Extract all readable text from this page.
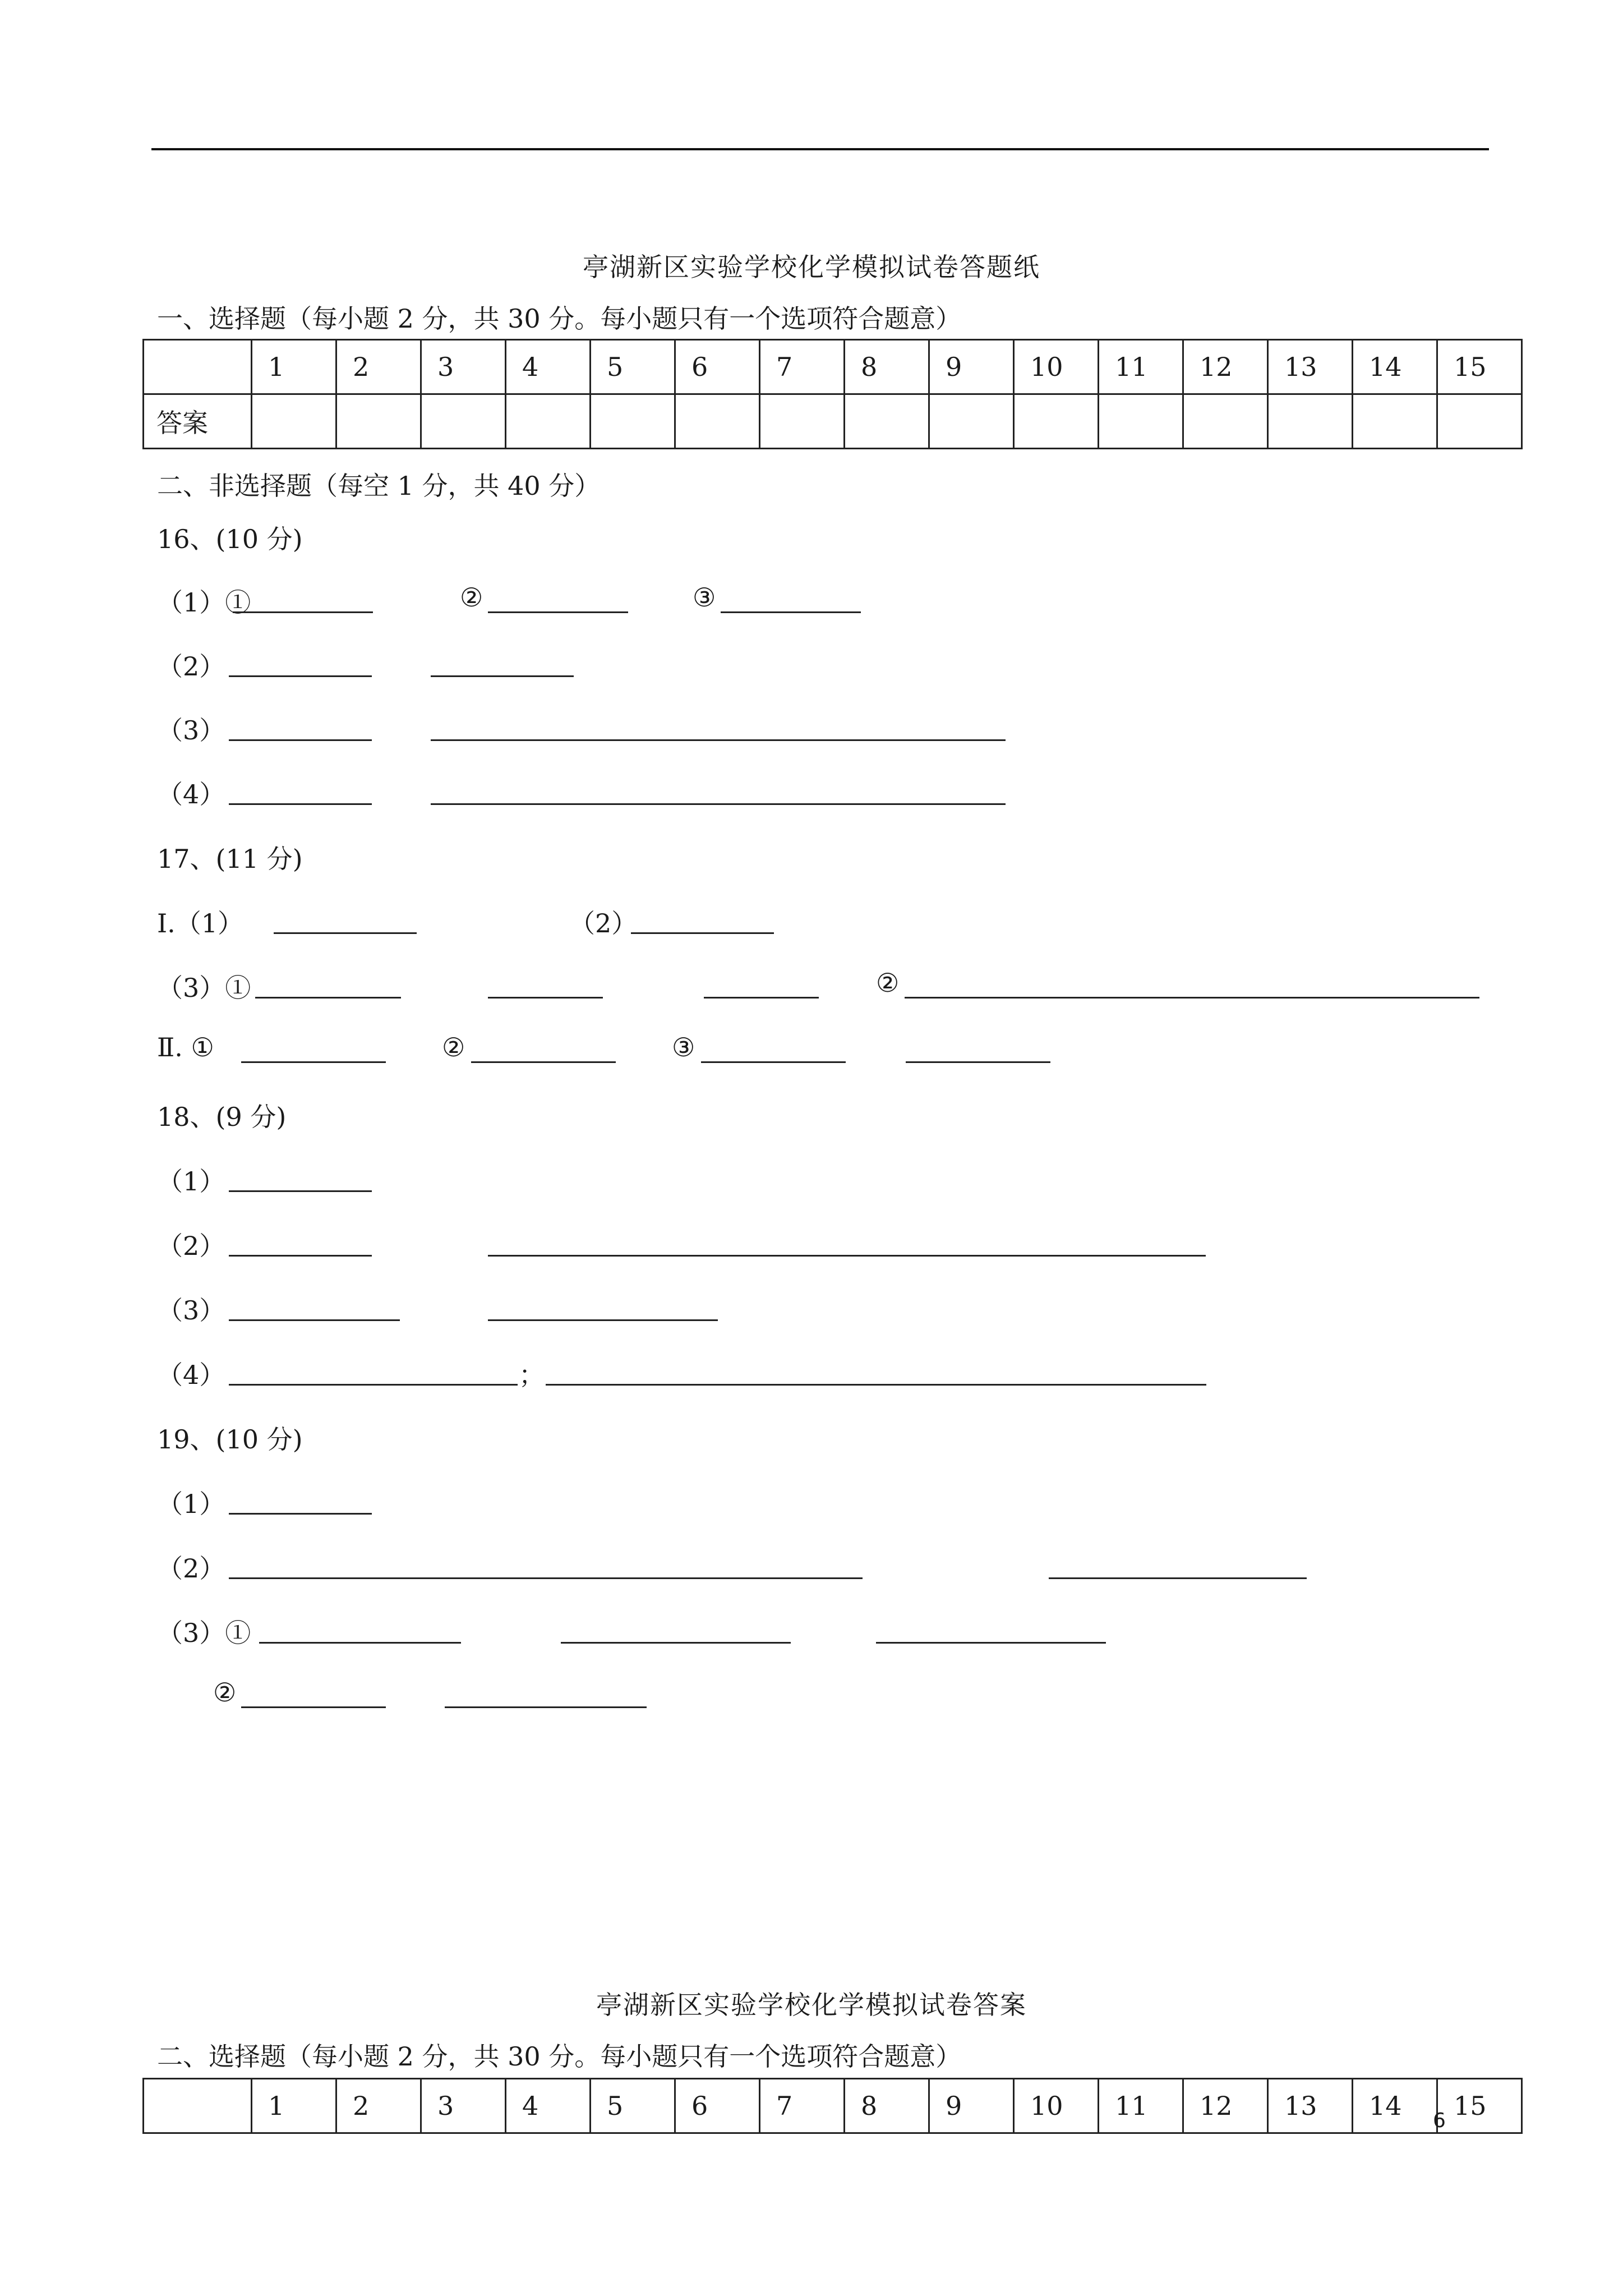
亭湖新区实验学校化学模拟试卷答题纸
一、选择题（每小题 2 分，共 30 分。每小题只有一个选项符合题意）
	1	2	3	4	5	6	7	8	9	10	11	12	13	14	15
答案															
二、非选择题（每空 1 分，共 40 分）
16、(10 分)
（1）①	②	③
（2）
（3）
（4）
17、(11 分)
Ⅰ.（1）	（2）
（3）①	②
Ⅱ. ①	②	③
18、(9 分)
（1）
（2）
（3）
（4）	；
19、(10 分)
（1）
（2）
（3）①
②
亭湖新区实验学校化学模拟试卷答案
二、选择题（每小题 2 分，共 30 分。每小题只有一个选项符合题意）
	1	2	3	4	5	6	7	8	9	10	11	12	13	14	15
6
